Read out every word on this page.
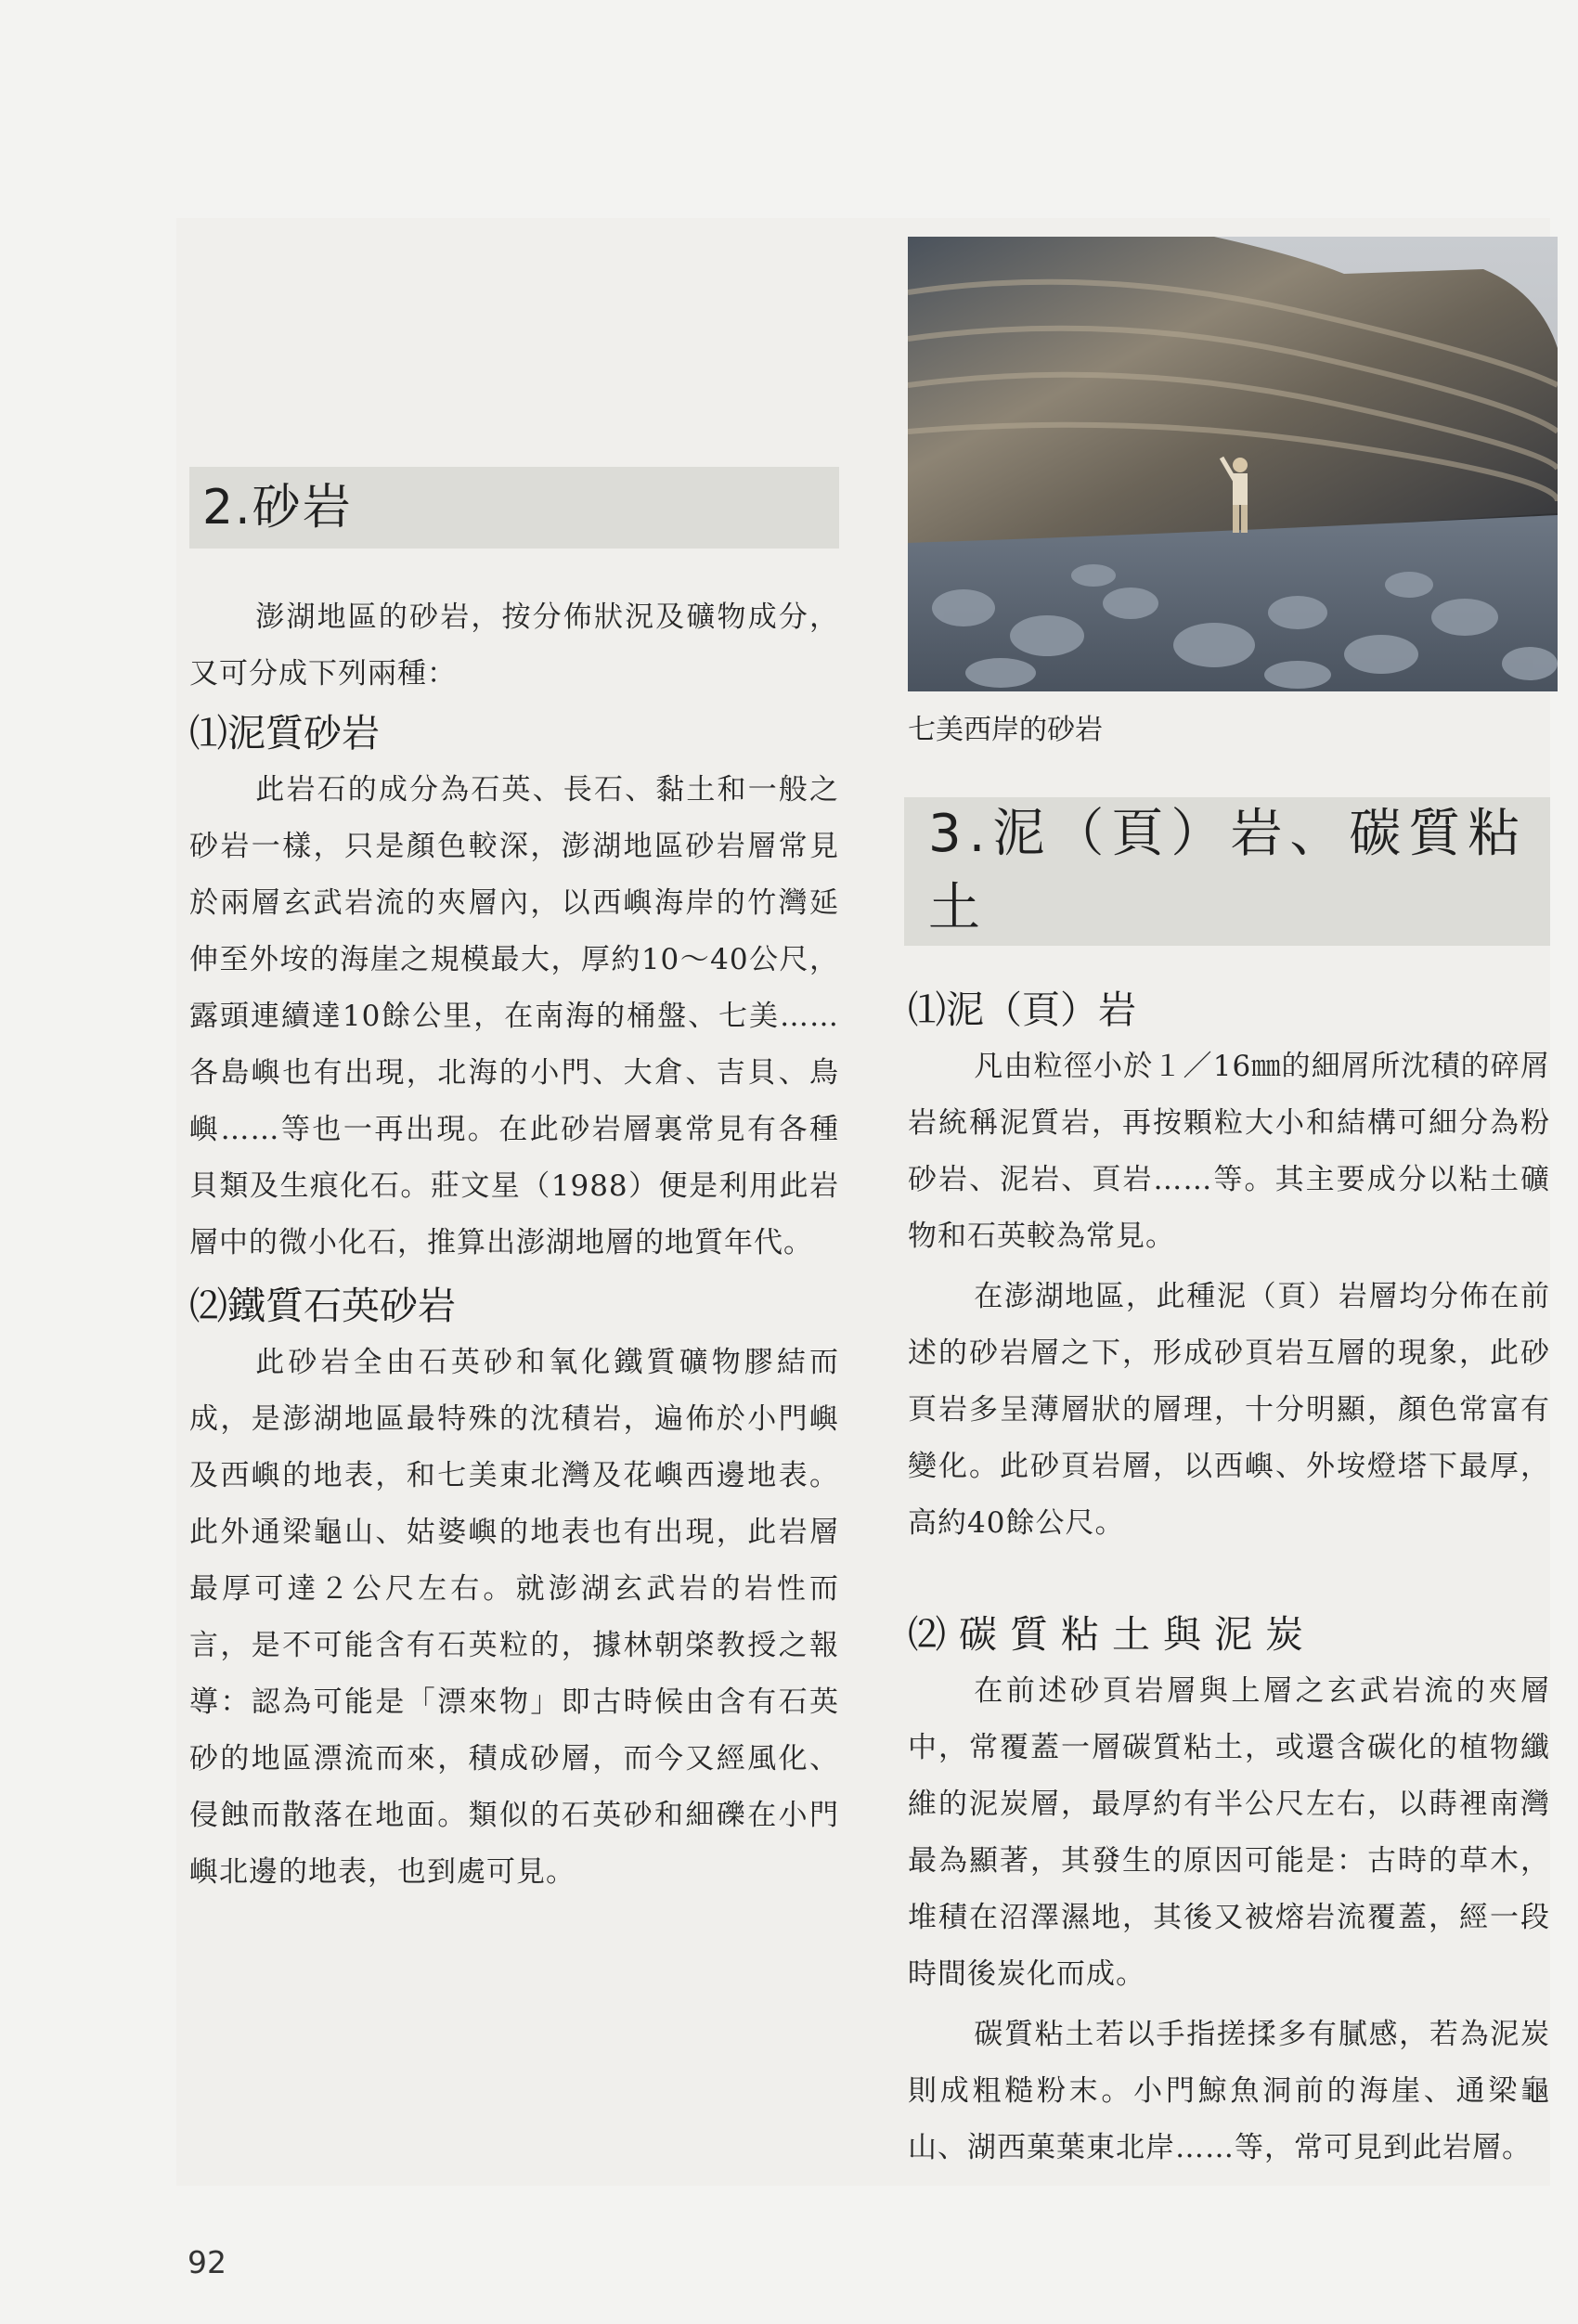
2.砂岩

澎湖地區的砂岩，按分佈狀況及礦物成分，又可分成下列兩種：

⑴泥質砂岩

此岩石的成分為石英、長石、黏土和一般之砂岩一樣，只是顏色較深，澎湖地區砂岩層常見於兩層玄武岩流的夾層內，以西嶼海岸的竹灣延伸至外垵的海崖之規模最大，厚約10～40公尺，露頭連續達10餘公里，在南海的桶盤、七美……各島嶼也有出現，北海的小門、大倉、吉貝、鳥嶼……等也一再出現。在此砂岩層裏常見有各種貝類及生痕化石。莊文星（1988）便是利用此岩層中的微小化石，推算出澎湖地層的地質年代。

⑵鐵質石英砂岩

此砂岩全由石英砂和氧化鐵質礦物膠結而成，是澎湖地區最特殊的沈積岩，遍佈於小門嶼及西嶼的地表，和七美東北灣及花嶼西邊地表。此外通梁龜山、姑婆嶼的地表也有出現，此岩層最厚可達２公尺左右。就澎湖玄武岩的岩性而言，是不可能含有石英粒的，據林朝棨教授之報導：認為可能是「漂來物」即古時候由含有石英砂的地區漂流而來，積成砂層，而今又經風化、侵蝕而散落在地面。類似的石英砂和細礫在小門嶼北邊的地表，也到處可見。

七美西岸的砂岩
3.泥（頁）岩、碳質粘土
⑴泥（頁）岩

凡由粒徑小於１／16㎜的細屑所沈積的碎屑岩統稱泥質岩，再按顆粒大小和結構可細分為粉砂岩、泥岩、頁岩……等。其主要成分以粘土礦物和石英較為常見。

在澎湖地區，此種泥（頁）岩層均分佈在前述的砂岩層之下，形成砂頁岩互層的現象，此砂頁岩多呈薄層狀的層理，十分明顯，顏色常富有變化。此砂頁岩層，以西嶼、外垵燈塔下最厚，高約40餘公尺。

⑵碳質粘土與泥炭

在前述砂頁岩層與上層之玄武岩流的夾層中，常覆蓋一層碳質粘土，或還含碳化的植物纖維的泥炭層，最厚約有半公尺左右，以蒔裡南灣最為顯著，其發生的原因可能是：古時的草木，堆積在沼澤濕地，其後又被熔岩流覆蓋，經一段時間後炭化而成。

碳質粘土若以手指搓揉多有膩感，若為泥炭則成粗糙粉末。小門鯨魚洞前的海崖、通梁龜山、湖西菓葉東北岸……等，常可見到此岩層。

92
